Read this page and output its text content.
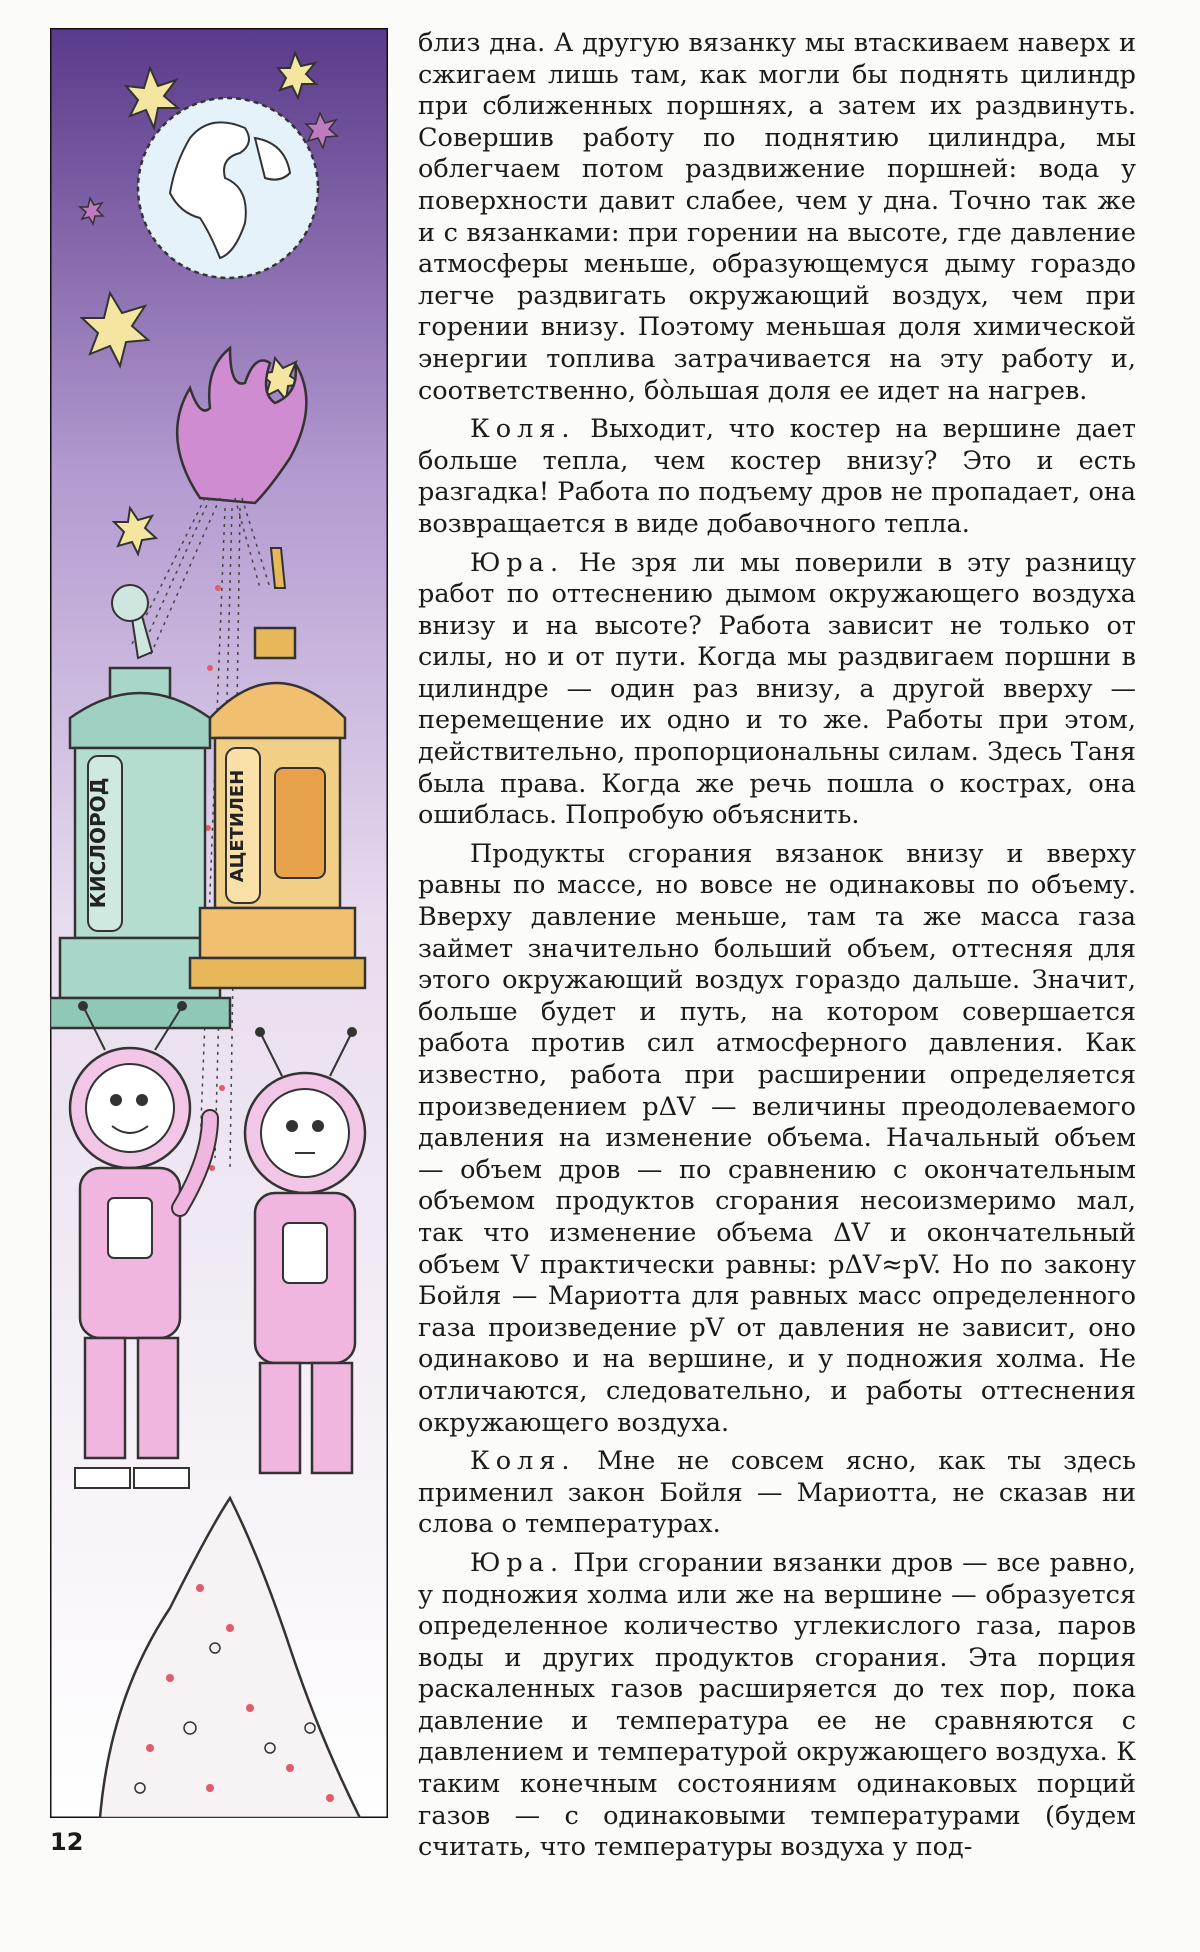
КИСЛОРОД	АЦЕТИЛЕН

близ дна. А другую вязанку мы втаскиваем наверх и сжигаем лишь там, как могли бы поднять цилиндр при сближенных поршнях, а затем их раздвинуть. Совершив работу по поднятию цилиндра, мы облегчаем потом раздвижение поршней: вода у поверхности давит слабее, чем у дна. Точно так же и с вязанками: при горении на высоте, где давление атмосферы меньше, образующемуся дыму гораздо легче раздвигать окружающий воздух, чем при горении внизу. Поэтому меньшая доля химической энергии топлива затрачивается на эту работу и, соответственно, бо̀льшая доля ее идет на нагрев.

Коля. Выходит, что костер на вершине дает больше тепла, чем костер внизу? Это и есть разгадка! Работа по подъему дров не пропадает, она возвращается в виде добавочного тепла.

Юра. Не зря ли мы поверили в эту разницу работ по оттеснению дымом окружающего воздуха внизу и на высоте? Работа зависит не только от силы, но и от пути. Когда мы раздвигаем поршни в цилиндре — один раз внизу, а другой вверху — перемещение их одно и то же. Работы при этом, действительно, пропорциональны силам. Здесь Таня была права. Когда же речь пошла о кострах, она ошиблась. Попробую объяснить.

Продукты сгорания вязанок внизу и вверху равны по массе, но вовсе не одинаковы по объему. Вверху давление меньше, там та же масса газа займет значительно больший объем, оттесняя для этого окружающий воздух гораздо дальше. Значит, больше будет и путь, на котором совершается работа против сил атмосферного давления. Как известно, работа при расширении определяется произведением pΔV — величины преодолеваемого давления на изменение объема. Начальный объем — объем дров — по сравнению с окончательным объемом продуктов сгорания несоизмеримо мал, так что изменение объема ΔV и окончательный объем V практически равны: pΔV≈pV. Но по закону Бойля — Мариотта для равных масс определенного газа произведение pV от давления не зависит, оно одинаково и на вершине, и у подножия холма. Не отличаются, следовательно, и работы оттеснения окружающего воздуха.

Коля. Мне не совсем ясно, как ты здесь применил закон Бойля — Мариотта, не сказав ни слова о температурах.

Юра. При сгорании вязанки дров — все равно, у подножия холма или же на вершине — образуется определенное количество углекислого газа, паров воды и других продуктов сгорания. Эта порция раскаленных газов расширяется до тех пор, пока давление и температура ее не сравняются с давлением и температурой окружающего воздуха. К таким конечным состояниям одинаковых порций газов — с одинаковыми температурами (будем считать, что температуры воздуха у под-

12
